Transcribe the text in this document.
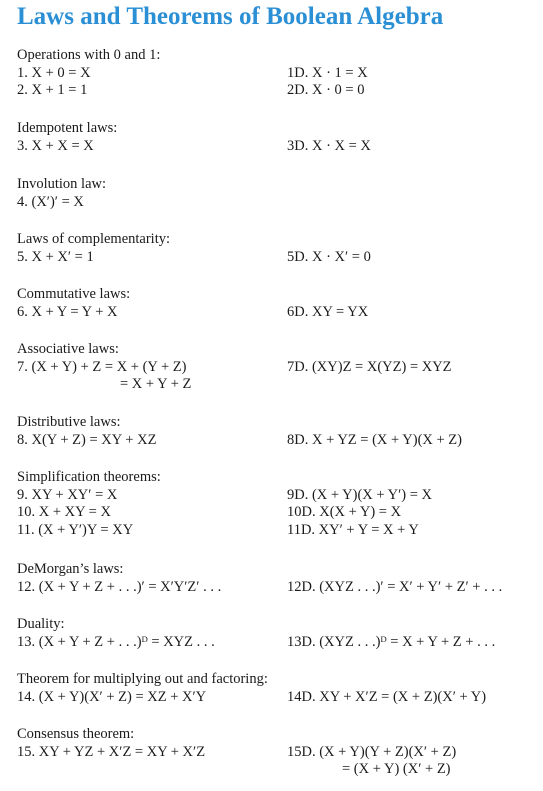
Laws and Theorems of Boolean Algebra
Operations with 0 and 1:
1. X + 0 = X	1D. X · 1 = X
2. X + 1 = 1	2D. X · 0 = 0
Idempotent laws:
3. X + X = X	3D. X · X = X
Involution law:
4. (X′)′ = X
Laws of complementarity:
5. X + X′ = 1	5D. X · X′ = 0
Commutative laws:
6. X + Y = Y + X	6D. XY = YX
Associative laws:
7. (X + Y) + Z = X + (Y + Z)	7D. (XY)Z = X(YZ) = XYZ
= X + Y + Z
Distributive laws:
8. X(Y + Z) = XY + XZ	8D. X + YZ = (X + Y)(X + Z)
Simplification theorems:
9. XY + XY′ = X	9D. (X + Y)(X + Y′) = X
10. X + XY = X	10D. X(X + Y) = X
11. (X + Y′)Y = XY	11D. XY′ + Y = X + Y
DeMorgan’s laws:
12. (X + Y + Z + . . .)′ = X′Y′Z′ . . .	12D. (XYZ . . .)′ = X′ + Y′ + Z′ + . . .
Duality:
13. (X + Y + Z + . . .)ᴰ = XYZ . . .	13D. (XYZ . . .)ᴰ = X + Y + Z + . . .
Theorem for multiplying out and factoring:
14. (X + Y)(X′ + Z) = XZ + X′Y	14D. XY + X′Z = (X + Z)(X′ + Y)
Consensus theorem:
15. XY + YZ + X′Z = XY + X′Z	15D. (X + Y)(Y + Z)(X′ + Z)
= (X + Y) (X′ + Z)
